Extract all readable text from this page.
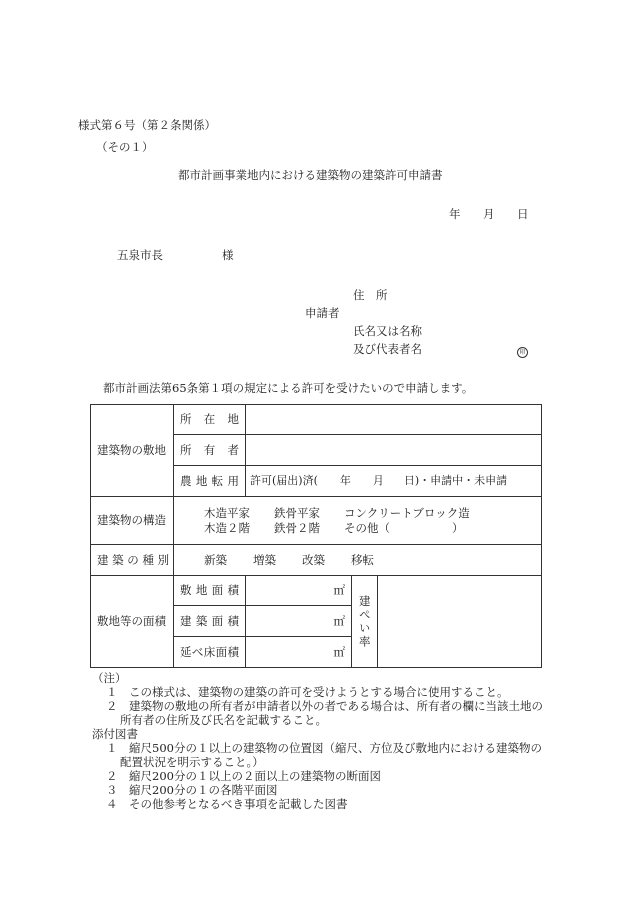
様式第６号（第２条関係）
（その１）
都市計画事業地内における建築物の建築許可申請書
年 月 日
五泉市長	様
住　所
申請者
氏名又は名称
及び代表者名	印
都市計画法第65条第１項の規定による許可を受けたいので申請します。
建築物の敷地	所　在　地			

	所　有　者			

	農 地 転 用	許可(届出)済( 年 月 日)・申請中・未申請		
建築物の構造	木造平家 鉄骨平家 コンクリートブロック造
木造２階 鉄骨２階 その他（ ）			

建 築 の 種 別	新築 増築 改築 移転			
敷地等の面積	敷 地 面 積	㎡	建ぺい率	

	建 築 面 積	㎡		

	延べ床面積	㎡		
（注）
１　この様式は、建築物の建築の許可を受けようとする場合に使用すること。
２　建築物の敷地の所有者が申請者以外の者である場合は、所有者の欄に当該土地の
所有者の住所及び氏名を記載すること。
添付図書
１　縮尺500分の１以上の建築物の位置図（縮尺、方位及び敷地内における建築物の
配置状況を明示すること。）
２　縮尺200分の１以上の２面以上の建築物の断面図
３　縮尺200分の１の各階平面図
４　その他参考となるべき事項を記載した図書
